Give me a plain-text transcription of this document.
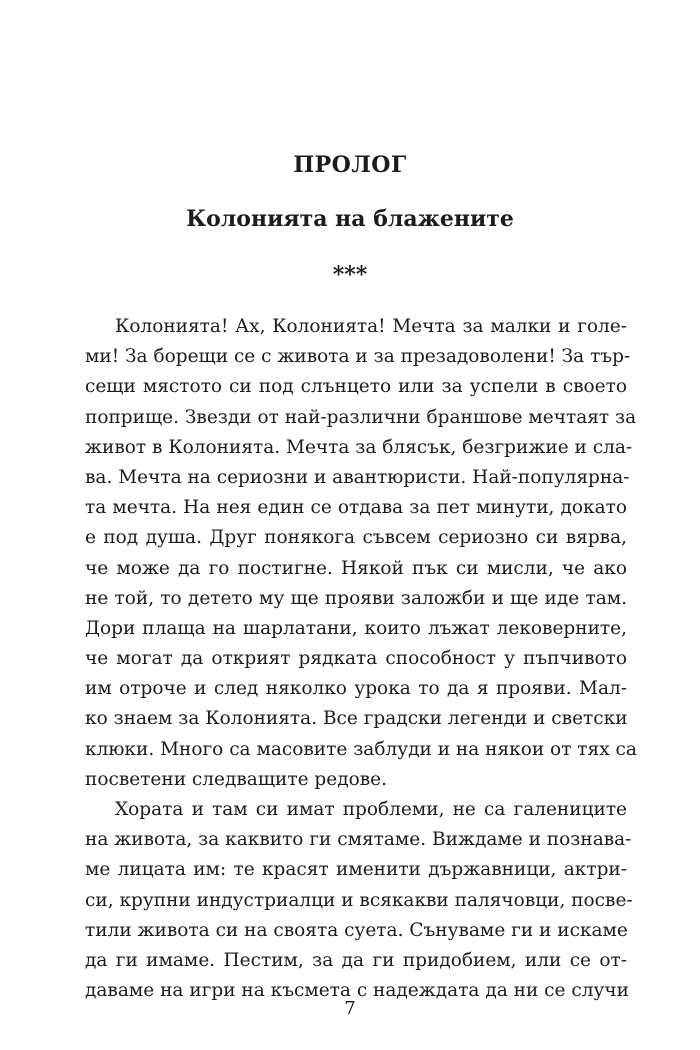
ПРОЛОГ
Колонията на блажените
***
Колонията! Ах, Колонията! Мечта за малки и голе-
ми! За борещи се с живота и за презадоволени! За тър-
сещи мястото си под слънцето или за успели в своето
поприще. Звезди от най-различни браншове мечтаят за
живот в Колонията. Мечта за блясък, безгрижие и сла-
ва. Мечта на сериозни и авантюристи. Най-популярна-
та мечта. На нея един се отдава за пет минути, докато
е под душа. Друг понякога съвсем сериозно си вярва,
че може да го постигне. Някой пък си мисли, че ако
не той, то детето му ще прояви заложби и ще иде там.
Дори плаща на шарлатани, които лъжат лековерните,
че могат да открият рядката способност у пъпчивото
им отроче и след няколко урока то да я прояви. Мал-
ко знаем за Колонията. Все градски легенди и светски
клюки. Много са масовите заблуди и на някои от тях са
посветени следващите редове.
Хората и там си имат проблеми, не са галениците
на живота, за каквито ги смятаме. Виждаме и познава-
ме лицата им: те красят именити държавници, актри-
си, крупни индустриалци и всякакви палячовци, посве-
тили живота си на своята суета. Сънуваме ги и искаме
да ги имаме. Пестим, за да ги придобием, или се от-
даваме на игри на късмета с надеждата да ни се случи
7
